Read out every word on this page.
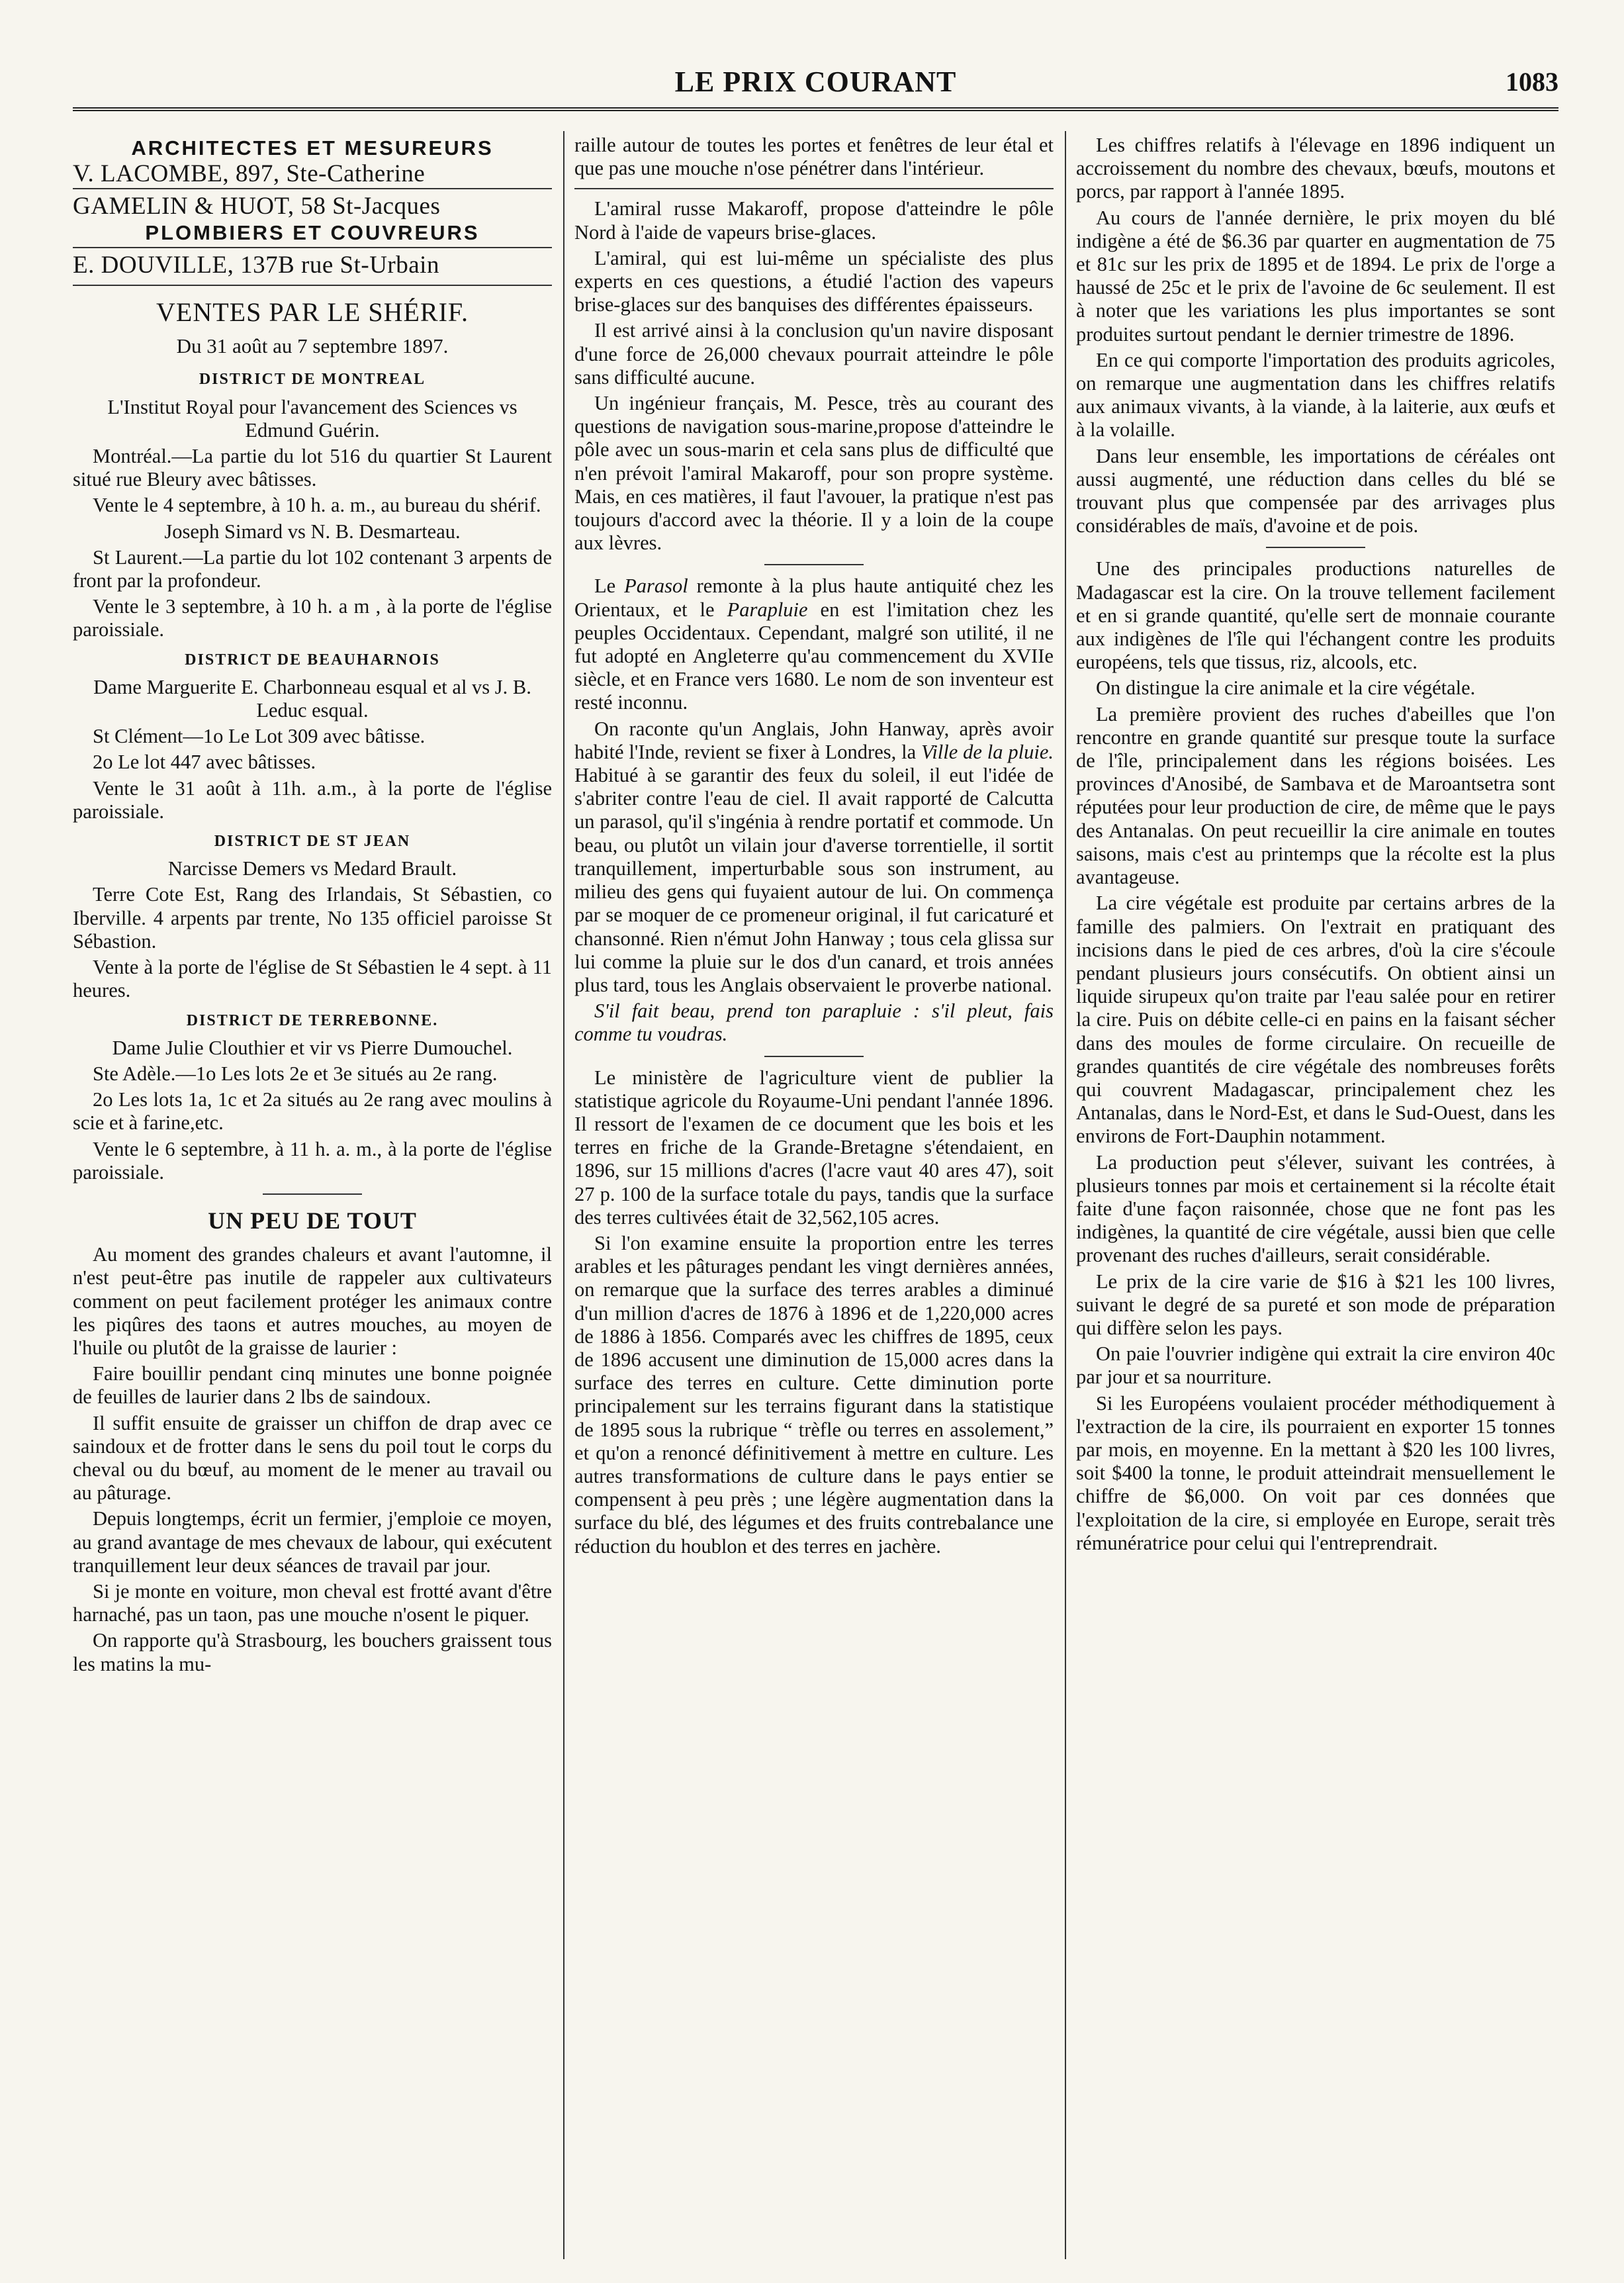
LE PRIX COURANT	1083
ARCHITECTES ET MESUREURS
V. LACOMBE, 897, Ste-Catherine
GAMELIN & HUOT, 58 St-Jacques
PLOMBIERS ET COUVREURS
E. DOUVILLE, 137B rue St-Urbain
VENTES PAR LE SHÉRIF.
Du 31 août au 7 septembre 1897.
DISTRICT DE MONTREAL

L'Institut Royal pour l'avancement des Sciences vs Edmund Guérin.

Montréal.—La partie du lot 516 du quartier St Laurent situé rue Bleury avec bâtisses.

Vente le 4 septembre, à 10 h. a. m., au bureau du shérif.

Joseph Simard vs N. B. Desmarteau.

St Laurent.—La partie du lot 102 contenant 3 arpents de front par la profondeur.

Vente le 3 septembre, à 10 h. a m , à la porte de l'église paroissiale.

DISTRICT DE BEAUHARNOIS

Dame Marguerite E. Charbonneau esqual et al vs J. B. Leduc esqual.

St Clément—1o Le Lot 309 avec bâtisse.

2o Le lot 447 avec bâtisses.

Vente le 31 août à 11h. a.m., à la porte de l'église paroissiale.

DISTRICT DE ST JEAN

Narcisse Demers vs Medard Brault.

Terre Cote Est, Rang des Irlandais, St Sébastien, co Iberville. 4 arpents par trente, No 135 officiel paroisse St Sébastion.

Vente à la porte de l'église de St Sébastien le 4 sept. à 11 heures.

DISTRICT DE TERREBONNE.

Dame Julie Clouthier et vir vs Pierre Dumouchel.

Ste Adèle.—1o Les lots 2e et 3e situés au 2e rang.

2o Les lots 1a, 1c et 2a situés au 2e rang avec moulins à scie et à farine,etc.

Vente le 6 septembre, à 11 h. a. m., à la porte de l'église paroissiale.

UN PEU DE TOUT

Au moment des grandes chaleurs et avant l'automne, il n'est peut-être pas inutile de rappeler aux cultivateurs comment on peut facilement protéger les animaux contre les piqûres des taons et autres mouches, au moyen de l'huile ou plutôt de la graisse de laurier :

Faire bouillir pendant cinq minutes une bonne poignée de feuilles de laurier dans 2 lbs de saindoux.

Il suffit ensuite de graisser un chiffon de drap avec ce saindoux et de frotter dans le sens du poil tout le corps du cheval ou du bœuf, au moment de le mener au travail ou au pâturage.

Depuis longtemps, écrit un fermier, j'emploie ce moyen, au grand avantage de mes chevaux de labour, qui exécutent tranquillement leur deux séances de travail par jour.

Si je monte en voiture, mon cheval est frotté avant d'être harnaché, pas un taon, pas une mouche n'osent le piquer.

On rapporte qu'à Strasbourg, les bouchers graissent tous les matins la mu-

raille autour de toutes les portes et fenêtres de leur étal et que pas une mouche n'ose pénétrer dans l'intérieur.

L'amiral russe Makaroff, propose d'atteindre le pôle Nord à l'aide de vapeurs brise-glaces.

L'amiral, qui est lui-même un spécialiste des plus experts en ces questions, a étudié l'action des vapeurs brise-glaces sur des banquises des différentes épaisseurs.

Il est arrivé ainsi à la conclusion qu'un navire disposant d'une force de 26,000 chevaux pourrait atteindre le pôle sans difficulté aucune.

Un ingénieur français, M. Pesce, très au courant des questions de navigation sous-marine,propose d'atteindre le pôle avec un sous-marin et cela sans plus de difficulté que n'en prévoit l'amiral Makaroff, pour son propre système. Mais, en ces matières, il faut l'avouer, la pratique n'est pas toujours d'accord avec la théorie. Il y a loin de la coupe aux lèvres.

Le Parasol remonte à la plus haute antiquité chez les Orientaux, et le Parapluie en est l'imitation chez les peuples Occidentaux. Cependant, malgré son utilité, il ne fut adopté en Angleterre qu'au commencement du XVIIe siècle, et en France vers 1680. Le nom de son inventeur est resté inconnu.

On raconte qu'un Anglais, John Hanway, après avoir habité l'Inde, revient se fixer à Londres, la Ville de la pluie. Habitué à se garantir des feux du soleil, il eut l'idée de s'abriter contre l'eau de ciel. Il avait rapporté de Calcutta un parasol, qu'il s'ingénia à rendre portatif et commode. Un beau, ou plutôt un vilain jour d'averse torrentielle, il sortit tranquillement, imperturbable sous son instrument, au milieu des gens qui fuyaient autour de lui. On commença par se moquer de ce promeneur original, il fut caricaturé et chansonné. Rien n'émut John Hanway ; tous cela glissa sur lui comme la pluie sur le dos d'un canard, et trois années plus tard, tous les Anglais observaient le proverbe national.

S'il fait beau, prend ton parapluie : s'il pleut, fais comme tu voudras.

Le ministère de l'agriculture vient de publier la statistique agricole du Royaume-Uni pendant l'année 1896. Il ressort de l'examen de ce document que les bois et les terres en friche de la Grande-Bretagne s'étendaient, en 1896, sur 15 millions d'acres (l'acre vaut 40 ares 47), soit 27 p. 100 de la surface totale du pays, tandis que la surface des terres cultivées était de 32,562,105 acres.

Si l'on examine ensuite la proportion entre les terres arables et les pâturages pendant les vingt dernières années, on remarque que la surface des terres arables a diminué d'un million d'acres de 1876 à 1896 et de 1,220,000 acres de 1886 à 1856. Comparés avec les chiffres de 1895, ceux de 1896 accusent une diminution de 15,000 acres dans la surface des terres en culture. Cette diminution porte principalement sur les terrains figurant dans la statistique de 1895 sous la rubrique “ trèfle ou terres en assolement,” et qu'on a renoncé définitivement à mettre en culture. Les autres transformations de culture dans le pays entier se compensent à peu près ; une légère augmentation dans la surface du blé, des légumes et des fruits contrebalance une réduction du houblon et des terres en jachère.

Les chiffres relatifs à l'élevage en 1896 indiquent un accroissement du nombre des chevaux, bœufs, moutons et porcs, par rapport à l'année 1895.

Au cours de l'année dernière, le prix moyen du blé indigène a été de $6.36 par quarter en augmentation de 75 et 81c sur les prix de 1895 et de 1894. Le prix de l'orge a haussé de 25c et le prix de l'avoine de 6c seulement. Il est à noter que les variations les plus importantes se sont produites surtout pendant le dernier trimestre de 1896.

En ce qui comporte l'importation des produits agricoles, on remarque une augmentation dans les chiffres relatifs aux animaux vivants, à la viande, à la laiterie, aux œufs et à la volaille.

Dans leur ensemble, les importations de céréales ont aussi augmenté, une réduction dans celles du blé se trouvant plus que compensée par des arrivages plus considérables de maïs, d'avoine et de pois.

Une des principales productions naturelles de Madagascar est la cire. On la trouve tellement facilement et en si grande quantité, qu'elle sert de monnaie courante aux indigènes de l'île qui l'échangent contre les produits européens, tels que tissus, riz, alcools, etc.

On distingue la cire animale et la cire végétale.

La première provient des ruches d'abeilles que l'on rencontre en grande quantité sur presque toute la surface de l'île, principalement dans les régions boisées. Les provinces d'Anosibé, de Sambava et de Maroantsetra sont réputées pour leur production de cire, de même que le pays des Antanalas. On peut recueillir la cire animale en toutes saisons, mais c'est au printemps que la récolte est la plus avantageuse.

La cire végétale est produite par certains arbres de la famille des palmiers. On l'extrait en pratiquant des incisions dans le pied de ces arbres, d'où la cire s'écoule pendant plusieurs jours consécutifs. On obtient ainsi un liquide sirupeux qu'on traite par l'eau salée pour en retirer la cire. Puis on débite celle-ci en pains en la faisant sécher dans des moules de forme circulaire. On recueille de grandes quantités de cire végétale des nombreuses forêts qui couvrent Madagascar, principalement chez les Antanalas, dans le Nord-Est, et dans le Sud-Ouest, dans les environs de Fort-Dauphin notamment.

La production peut s'élever, suivant les contrées, à plusieurs tonnes par mois et certainement si la récolte était faite d'une façon raisonnée, chose que ne font pas les indigènes, la quantité de cire végétale, aussi bien que celle provenant des ruches d'ailleurs, serait considérable.

Le prix de la cire varie de $16 à $21 les 100 livres, suivant le degré de sa pureté et son mode de préparation qui diffère selon les pays.

On paie l'ouvrier indigène qui extrait la cire environ 40c par jour et sa nourriture.

Si les Européens voulaient procéder méthodiquement à l'extraction de la cire, ils pourraient en exporter 15 tonnes par mois, en moyenne. En la mettant à $20 les 100 livres, soit $400 la tonne, le produit atteindrait mensuellement le chiffre de $6,000. On voit par ces données que l'exploitation de la cire, si employée en Europe, serait très rémunératrice pour celui qui l'entreprendrait.
